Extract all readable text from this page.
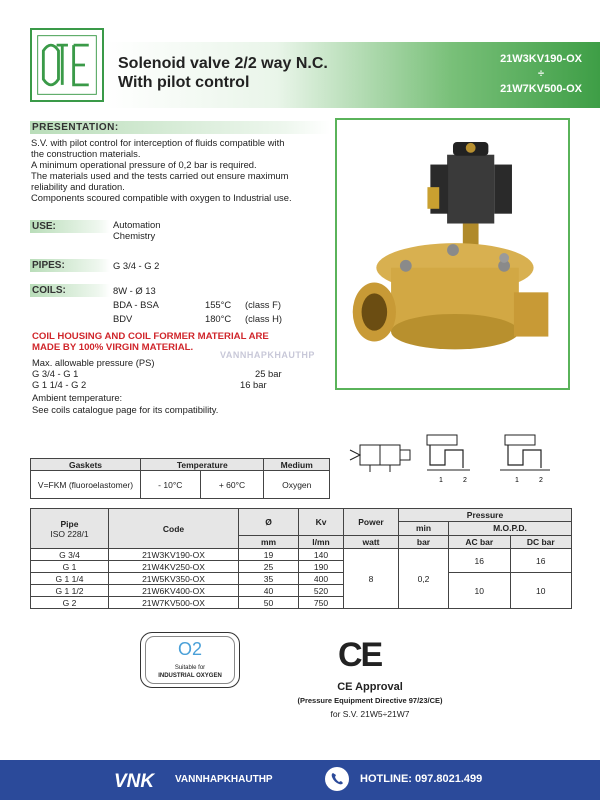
Solenoid valve 2/2 way N.C.
With pilot control
21W3KV190-OX
÷
21W7KV500-OX
PRESENTATION:
S.V. with pilot control for interception of fluids compatible with
the construction materials.
A minimum operational pressure of 0,2 bar is required.
The materials used and the tests carried out ensure maximum
reliability and duration.
Components scoured compatible with oxygen to Industrial use.
USE:	Automation
Chemistry
PIPES:	G 3/4 - G 2
COILS:	8W - Ø 13
BDA - BSA	155°C (class F)
BDV	180°C (class H)
COIL HOUSING AND COIL FORMER MATERIAL ARE
MADE BY 100% VIRGIN MATERIAL.
Max. allowable pressure (PS)
G 3/4 - G 1	25 bar
G 1 1/4 - G 2	16 bar
Ambient temperature:
See coils catalogue page for its compatibility.
VANNHAPKHAUTHP
1	2	1	2
Gaskets	Temperature		Medium
V=FKM (fluoroelastomer)	- 10°C	+ 60°C	Oxygen
Pipe
ISO 228/1	Code	Ø	Kv	Power	Pressure		
					min	M.O.P.D.	
		mm	l/mn	watt	bar	AC bar	DC bar
G 3/4	21W3KV190-OX	19	140	8	0,2	16	16
G 1	21W4KV250-OX	25	190				
G 1 1/4	21W5KV350-OX	35	400			10	10
G 1 1/2	21W6KV400-OX	40	520				
G 2	21W7KV500-OX	50	750				
O2
Suitable for
INDUSTRIAL OXYGEN
CE
CE Approval
(Pressure Equipment Directive 97/23/CE)
for S.V. 21W5÷21W7
VNK VANNHAPKHAUTHP	HOTLINE: 097.8021.499
